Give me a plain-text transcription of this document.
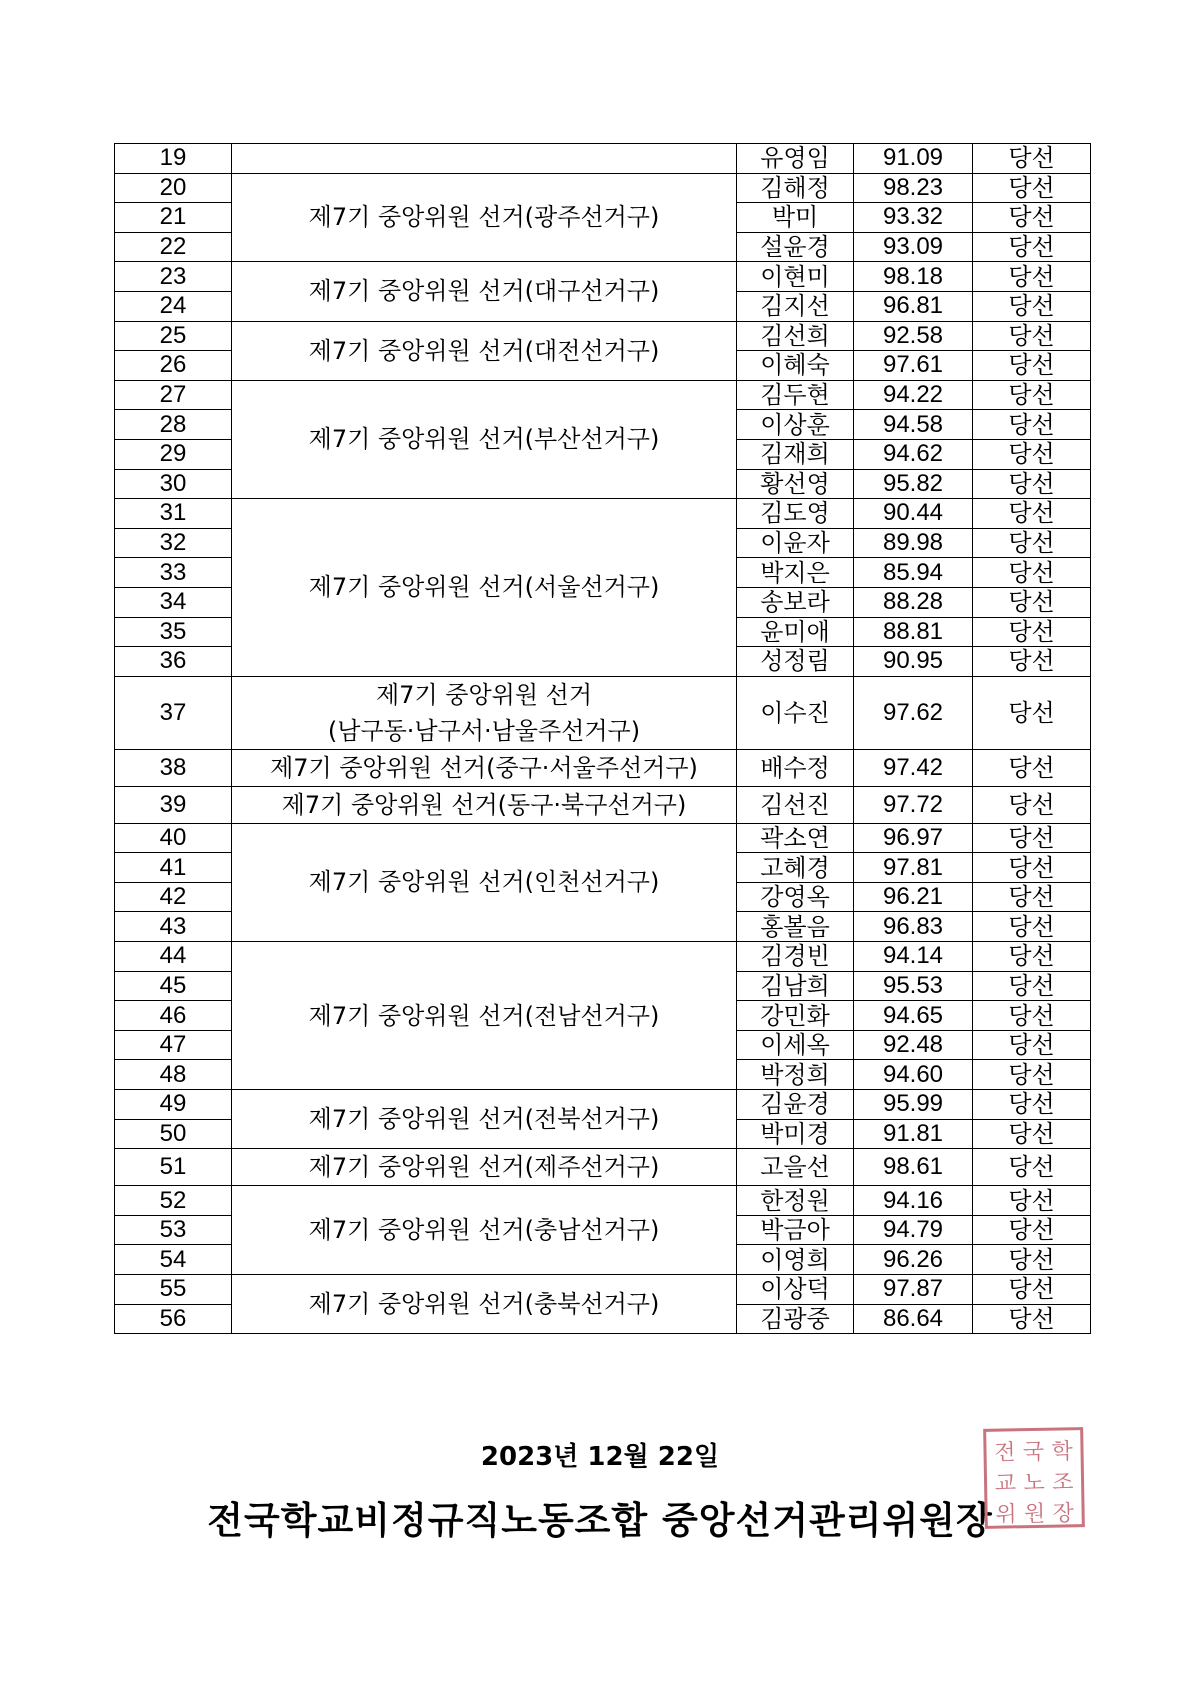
19		유영임	91.09	당선
20	제7기 중앙위원 선거(광주선거구)	김해정	98.23	당선
21		박미	93.32	당선
22		설윤경	93.09	당선
23	제7기 중앙위원 선거(대구선거구)	이현미	98.18	당선
24		김지선	96.81	당선
25	제7기 중앙위원 선거(대전선거구)	김선희	92.58	당선
26		이혜숙	97.61	당선
27	제7기 중앙위원 선거(부산선거구)	김두현	94.22	당선
28		이상훈	94.58	당선
29		김재희	94.62	당선
30		황선영	95.82	당선
31	제7기 중앙위원 선거(서울선거구)	김도영	90.44	당선
32		이윤자	89.98	당선
33		박지은	85.94	당선
34		송보라	88.28	당선
35		윤미애	88.81	당선
36		성정림	90.95	당선
37	제7기 중앙위원 선거
(남구동·남구서·남울주선거구)	이수진	97.62	당선
38	제7기 중앙위원 선거(중구·서울주선거구)	배수정	97.42	당선
39	제7기 중앙위원 선거(동구·북구선거구)	김선진	97.72	당선
40	제7기 중앙위원 선거(인천선거구)	곽소연	96.97	당선
41		고혜경	97.81	당선
42		강영옥	96.21	당선
43		홍볼음	96.83	당선
44	제7기 중앙위원 선거(전남선거구)	김경빈	94.14	당선
45		김남희	95.53	당선
46		강민화	94.65	당선
47		이세옥	92.48	당선
48		박정희	94.60	당선
49	제7기 중앙위원 선거(전북선거구)	김윤경	95.99	당선
50		박미경	91.81	당선
51	제7기 중앙위원 선거(제주선거구)	고을선	98.61	당선
52	제7기 중앙위원 선거(충남선거구)	한정원	94.16	당선
53		박금아	94.79	당선
54		이영희	96.26	당선
55	제7기 중앙위원 선거(충북선거구)	이상덕	97.87	당선
56		김광중	86.64	당선
2023년 12월 22일
전국학교비정규직노동조합 중앙선거관리위원장
전 국 학
교 노 조
위 원 장
